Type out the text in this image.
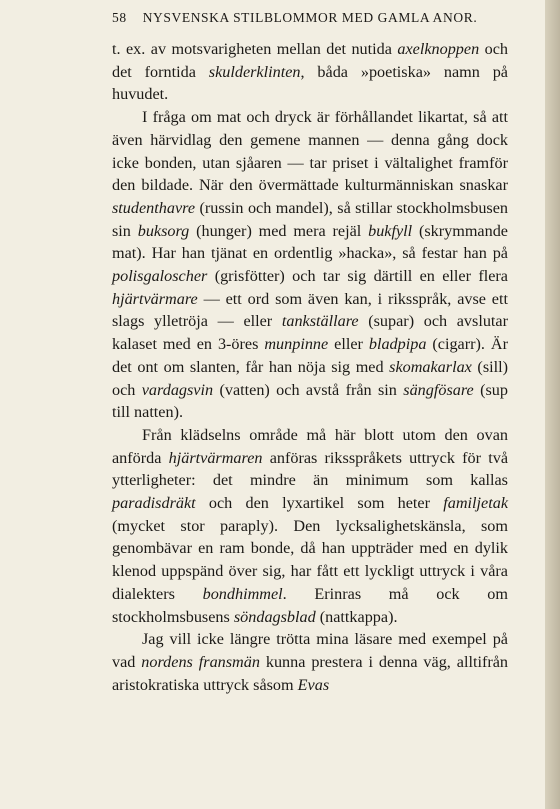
58 NYSVENSKA STILBLOMMOR MED GAMLA ANOR.

t. ex. av motsvarigheten mellan det nutida axelknoppen och det forntida skulderklinten, båda »poetiska» namn på huvudet.

I fråga om mat och dryck är förhållandet likartat, så att även härvidlag den gemene mannen — denna gång dock icke bonden, utan sjåaren — tar priset i vältalighet framför den bildade. När den övermättade kulturmänniskan snaskar studenthavre (russin och mandel), så stillar stockholmsbusen sin buksorg (hunger) med mera rejäl bukfyll (skrymmande mat). Har han tjänat en ordentlig »hacka», så festar han på polisgaloscher (grisfötter) och tar sig därtill en eller flera hjärtvärmare — ett ord som även kan, i riksspråk, avse ett slags ylletröja — eller tankställare (supar) och avslutar kalaset med en 3-öres munpinne eller bladpipa (cigarr). Är det ont om slanten, får han nöja sig med skomakarlax (sill) och vardagsvin (vatten) och avstå från sin sängfösare (sup till natten).

Från klädselns område må här blott utom den ovan anförda hjärtvärmaren anföras riksspråkets uttryck för två ytterligheter: det mindre än minimum som kallas paradisdräkt och den lyxartikel som heter familjetak (mycket stor paraply). Den lycksalighetskänsla, som genombävar en ram bonde, då han uppträder med en dylik klenod uppspänd över sig, har fått ett lyckligt uttryck i våra dialekters bondhimmel. Erinras må ock om stockholmsbusens söndagsblad (nattkappa).

Jag vill icke längre trötta mina läsare med exempel på vad nordens fransmän kunna prestera i denna väg, alltifrån aristokratiska uttryck såsom Evas
